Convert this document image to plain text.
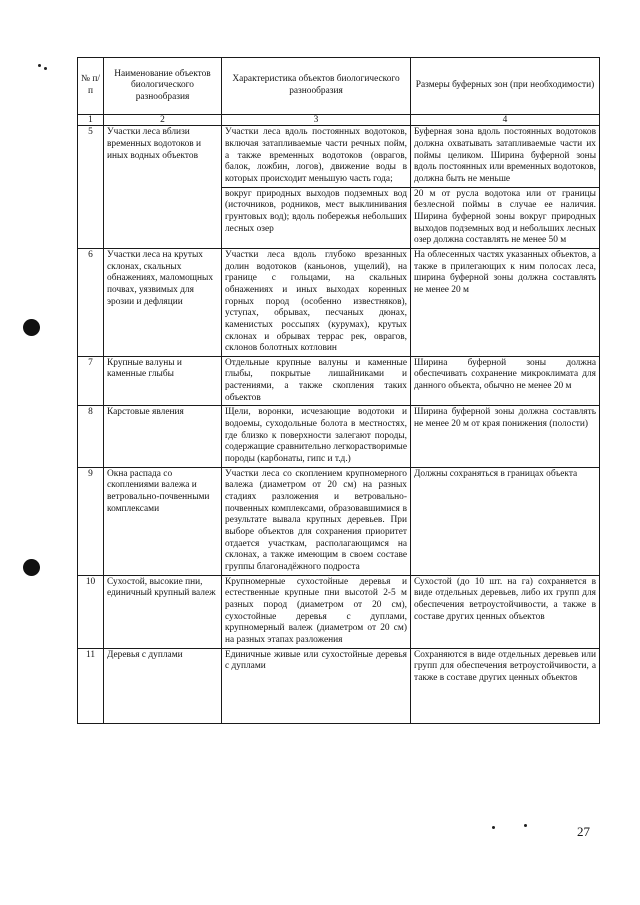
№ п/п	Наименование объектов биологического разнообразия	Характеристика объектов биологического разнообразия	Размеры буферных зон (при необходимости)
1	2	3	4
5	Участки леса вблизи временных водотоков и иных водных объектов	Участки леса вдоль постоянных водотоков, включая затапливаемые части речных пойм, а также временных водотоков (оврагов, балок, ложбин, логов), движение воды в которых происходит меньшую часть года;	Буферная зона вдоль постоянных водотоков должна охватывать затапливаемые части их поймы целиком. Ширина буферной зоны вдоль постоянных или временных водотоков, должна быть не меньше
		вокруг природных выходов подземных вод (источников, родников, мест выклинивания грунтовых вод); вдоль побережья небольших лесных озер	20 м от русла водотока или от границы безлесной поймы в случае ее наличия. Ширина буферной зоны вокруг природных выходов подземных вод и небольших лесных озер должна составлять не менее 50 м
6	Участки леса на крутых склонах, скальных обнажениях, маломощных почвах, уязвимых для эрозии и дефляции	Участки леса вдоль глубоко врезанных долин водотоков (каньонов, ущелий), на границе с гольцами, на скальных обнажениях и иных выходах коренных горных пород (особенно известняков), уступах, обрывах, песчаных дюнах, каменистых россыпях (курумах), крутых склонах и обрывах террас рек, оврагов, склонов болотных котловин	На облесенных частях указанных объектов, а также в прилегающих к ним полосах леса, ширина буферной зоны должна составлять не менее 20 м
7	Крупные валуны и каменные глыбы	Отдельные крупные валуны и каменные глыбы, покрытые лишайниками и растениями, а также скопления таких объектов	Ширина буферной зоны должна обеспечивать сохранение микроклимата для данного объекта, обычно не менее 20 м
8	Карстовые явления	Щели, воронки, исчезающие водотоки и водоемы, суходольные болота в местностях, где близко к поверхности залегают породы, содержащие сравнительно легкорастворимые породы (карбонаты, гипс и т.д.)	Ширина буферной зоны должна составлять не менее 20 м от края понижения (полости)
9	Окна распада со скоплениями валежа и ветровально-почвенными комплексами	Участки леса со скоплением крупномерного валежа (диаметром от 20 см) на разных стадиях разложения и ветровально-почвенных комплексами, образовавшимися в результате вывала крупных деревьев. При выборе объектов для сохранения приоритет отдается участкам, располагающимся на склонах, а также имеющим в своем составе группы благонадёжного подроста	Должны сохраняться в границах объекта
10	Сухостой, высокие пни, единичный крупный валеж	Крупномерные сухостойные деревья и естественные крупные пни высотой 2-5 м разных пород (диаметром от 20 см), сухостойные деревья с дуплами, крупномерный валеж (диаметром от 20 см) на разных этапах разложения	Сухостой (до 10 шт. на га) сохраняется в виде отдельных деревьев, либо их групп для обеспечения ветроустойчивости, а также в составе других ценных объектов
11	Деревья с дуплами	Единичные живые или сухостойные деревья с дуплами	Сохраняются в виде отдельных деревьев или групп для обеспечения ветроустойчивости, а также в составе других ценных объектов
27
